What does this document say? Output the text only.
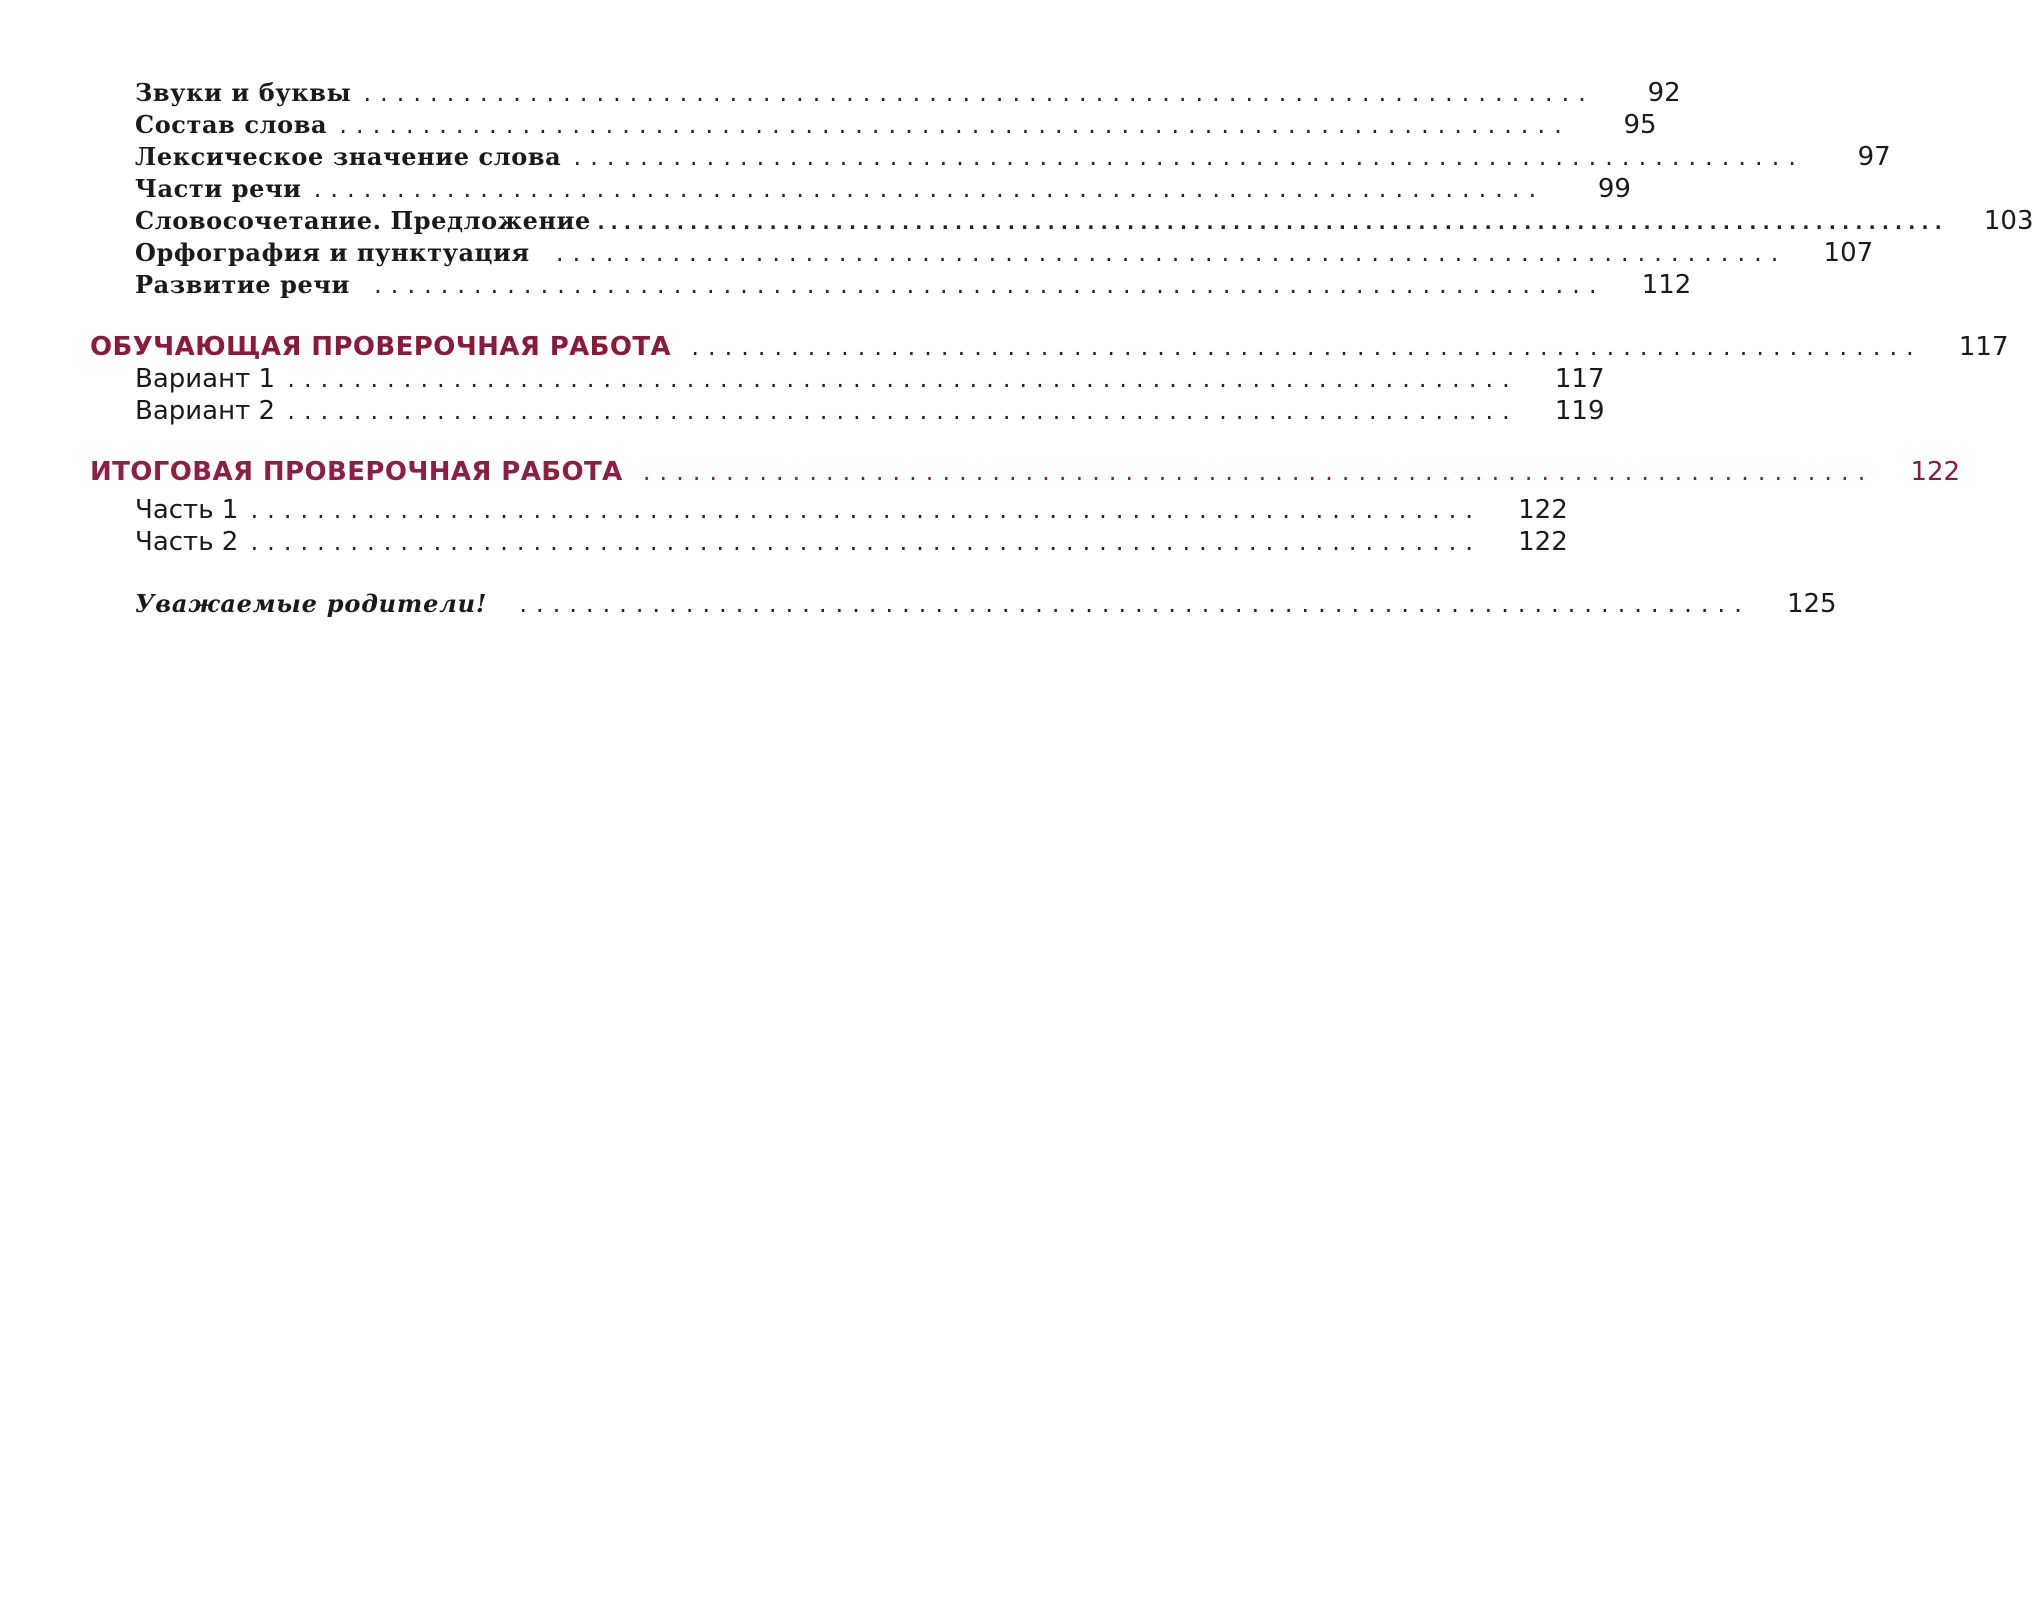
Звуки и буквы ..........................................................................	92
Состав слова ..........................................................................	95
Лексическое значение слова ..........................................................................	97
Части речи ..........................................................................	99
Словосочетание. Предложение ......................................................................................................	103
Орфография и пунктуация	..........................................................................	107
Развитие речи	..........................................................................	112
ОБУЧАЮЩАЯ ПРОВЕРОЧНАЯ РАБОТА ..........................................................................	117
Вариант 1 ..........................................................................	117
Вариант 2 ..........................................................................	119
ИТОГОВАЯ ПРОВЕРОЧНАЯ РАБОТА ..........................................................................	122
Часть 1 ..........................................................................	122
Часть 2 ..........................................................................	122
Уважаемые родители!	..........................................................................	125
